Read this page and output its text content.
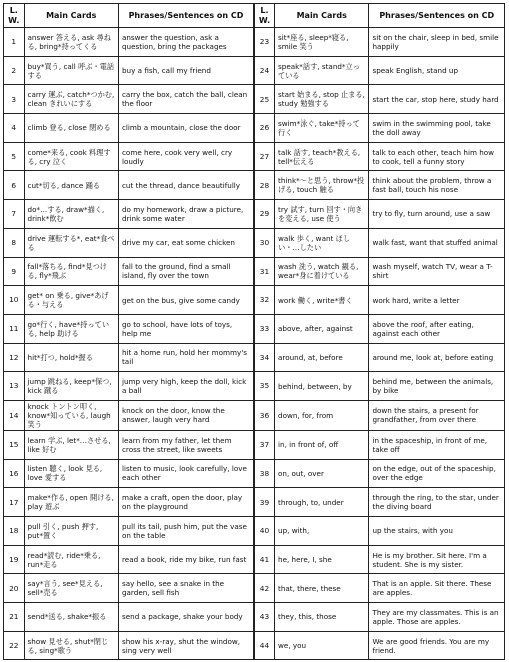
L. W.	Main Cards	Phrases/Sentences on CD	L. W.	Main Cards	Phrases/Sentences on CD
1	answer 答える, ask 尋ねる, bring*持ってくる	answer the question, ask a question, bring the packages	23	sit*座る, sleep*寝る, smile 笑う	sit on the chair, sleep in bed, smile happily
2	buy*買う, call 呼ぶ・電話する	buy a fish, call my friend	24	speak*話す, stand*立っている	speak English, stand up
3	carry 運ぶ, catch*つかむ, clean きれいにする	carry the box, catch the ball, clean the floor	25	start 始まる, stop 止まる, study 勉強する	start the car, stop here, study hard
4	climb 登る, close 閉める	climb a mountain, close the door	26	swim*泳ぐ, take*持って行く	swim in the swimming pool, take the doll away
5	come*来る, cook 料理する, cry 泣く	come here, cook very well, cry loudly	27	talk 話す, teach*教える, tell*伝える	talk to each other, teach him how to cook, tell a funny story
6	cut*切る, dance 踊る	cut the thread, dance beautifully	28	think*〜と思う, throw*投げる, touch 触る	think about the problem, throw a fast ball, touch his nose
7	do*…する, draw*描く, drink*飲む	do my homework, draw a picture, drink some water	29	try 試す, turn 回す・向きを変える, use 使う	try to fly, turn around, use a saw
8	drive 運転する*, eat*食べる	drive my car, eat some chicken	30	walk 歩く, want ほしい・…したい	walk fast, want that stuffed animal
9	fall*落ちる, find*見つける, fly*飛ぶ	fall to the ground, find a small island, fly over the town	31	wash 洗う, watch 観る, wear*身に着けている	wash myself, watch TV, wear a T-shirt
10	get* on 乗る, give*あげる・与える	get on the bus, give some candy	32	work 働く, write*書く	work hard, write a letter
11	go*行く, have*持っている, help 助ける	go to school, have lots of toys, help me	33	above, after, against	above the roof, after eating, against each other
12	hit*打つ, hold*握る	hit a home run, hold her mommy's tail	34	around, at, before	around me, look at, before eating
13	jump 跳ねる, keep*保つ, kick 蹴る	jump very high, keep the doll, kick a ball	35	behind, between, by	behind me, between the animals, by bike
14	knock トントン叩く, know*知っている, laugh 笑う	knock on the door, know the answer, laugh very hard	36	down, for, from	down the stairs, a present for grandfather, from over there
15	learn 学ぶ, let*…させる, like 好む	learn from my father, let them cross the street, like sweets	37	in, in front of, off	in the spaceship, in front of me, take off
16	listen 聴く, look 見る, love 愛する	listen to music, look carefully, love each other	38	on, out, over	on the edge, out of the spaceship, over the edge
17	make*作る, open 開ける, play 遊ぶ	make a craft, open the door, play on the playground	39	through, to, under	through the ring, to the star, under the diving board
18	pull 引く, push 押す, put*置く	pull its tail, push him, put the vase on the table	40	up, with,	up the stairs, with you
19	read*読む, ride*乗る, run*走る	read a book, ride my bike, run fast	41	he, here, I, she	He is my brother. Sit here. I'm a student. She is my sister.
20	say*言う, see*見える, sell*売る	say hello, see a snake in the garden, sell fish	42	that, there, these	That is an apple. Sit there. These are apples.
21	send*送る, shake*振る	send a package, shake your body	43	they, this, those	They are my classmates. This is an apple. Those are apples.
22	show 見せる, shut*閉じる, sing*歌う	show his x-ray, shut the window, sing very well	44	we, you	We are good friends. You are my friend.
